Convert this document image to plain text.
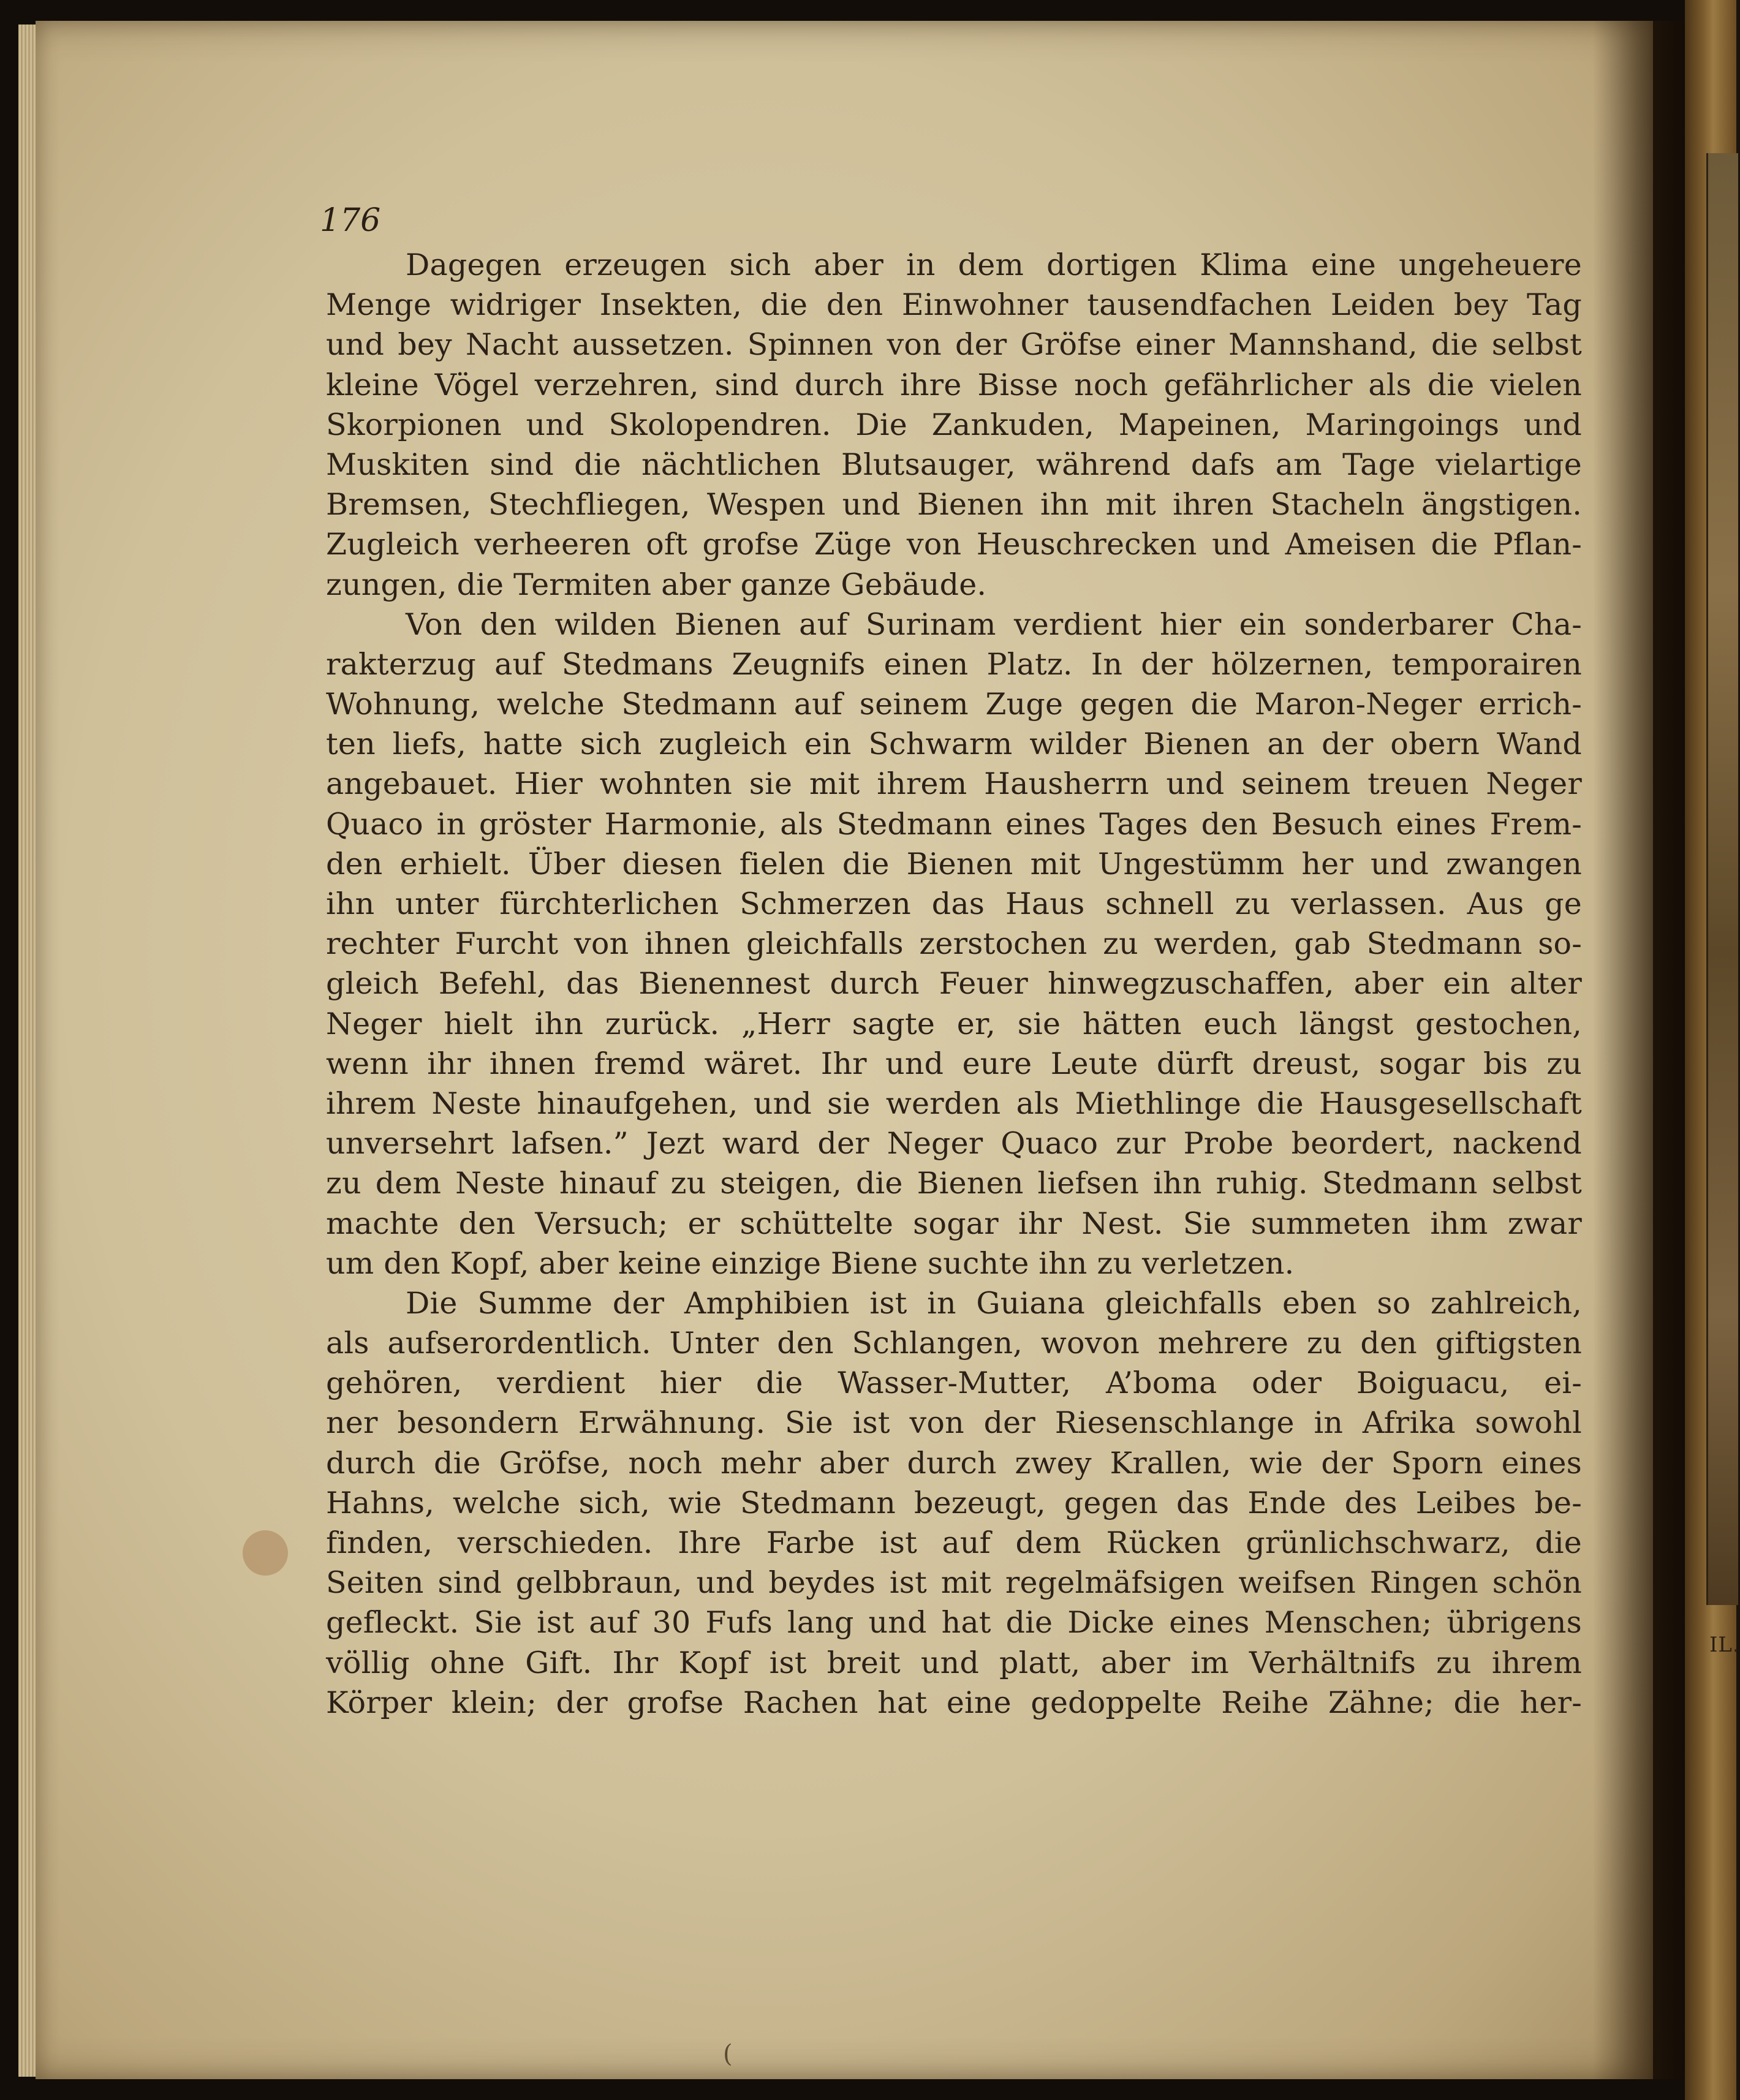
IL.
176
Dagegen erzeugen sich aber in dem dortigen Klima eine ungeheuere
Menge widriger Insekten, die den Einwohner tausendfachen Leiden bey Tag
und bey Nacht aussetzen. Spinnen von der Gröfse einer Mannshand, die selbst
kleine Vögel verzehren, sind durch ihre Bisse noch gefährlicher als die vielen
Skorpionen und Skolopendren. Die Zankuden, Mapeinen, Maringoings und
Muskiten sind die nächtlichen Blutsauger, während dafs am Tage vielartige
Bremsen, Stechfliegen, Wespen und Bienen ihn mit ihren Stacheln ängstigen.
Zugleich verheeren oft grofse Züge von Heuschrecken und Ameisen die Pflan-
zungen, die Termiten aber ganze Gebäude.
Von den wilden Bienen auf Surinam verdient hier ein sonderbarer Cha-
rakterzug auf Stedmans Zeugnifs einen Platz. In der hölzernen, temporairen
Wohnung, welche Stedmann auf seinem Zuge gegen die Maron-Neger errich-
ten liefs, hatte sich zugleich ein Schwarm wilder Bienen an der obern Wand
angebauet. Hier wohnten sie mit ihrem Hausherrn und seinem treuen Neger
Quaco in gröster Harmonie, als Stedmann eines Tages den Besuch eines Frem-
den erhielt. Über diesen fielen die Bienen mit Ungestümm her und zwangen
ihn unter fürchterlichen Schmerzen das Haus schnell zu verlassen. Aus ge
rechter Furcht von ihnen gleichfalls zerstochen zu werden, gab Stedmann so-
gleich Befehl, das Bienennest durch Feuer hinwegzuschaffen, aber ein alter
Neger hielt ihn zurück. „Herr sagte er, sie hätten euch längst gestochen,
wenn ihr ihnen fremd wäret. Ihr und eure Leute dürft dreust, sogar bis zu
ihrem Neste hinaufgehen, und sie werden als Miethlinge die Hausgesellschaft
unversehrt lafsen.” Jezt ward der Neger Quaco zur Probe beordert, nackend
zu dem Neste hinauf zu steigen, die Bienen liefsen ihn ruhig. Stedmann selbst
machte den Versuch; er schüttelte sogar ihr Nest. Sie summeten ihm zwar
um den Kopf, aber keine einzige Biene suchte ihn zu verletzen.
Die Summe der Amphibien ist in Guiana gleichfalls eben so zahlreich,
als aufserordentlich. Unter den Schlangen, wovon mehrere zu den giftigsten
gehören, verdient hier die Wasser-Mutter, A’boma oder Boiguacu, ei-
ner besondern Erwähnung. Sie ist von der Riesenschlange in Afrika sowohl
durch die Gröfse, noch mehr aber durch zwey Krallen, wie der Sporn eines
Hahns, welche sich, wie Stedmann bezeugt, gegen das Ende des Leibes be-
finden, verschieden. Ihre Farbe ist auf dem Rücken grünlichschwarz, die
Seiten sind gelbbraun, und beydes ist mit regelmäfsigen weifsen Ringen schön
gefleckt. Sie ist auf 30 Fufs lang und hat die Dicke eines Menschen; übrigens
völlig ohne Gift. Ihr Kopf ist breit und platt, aber im Verhältnifs zu ihrem
Körper klein; der grofse Rachen hat eine gedoppelte Reihe Zähne; die her-
(
